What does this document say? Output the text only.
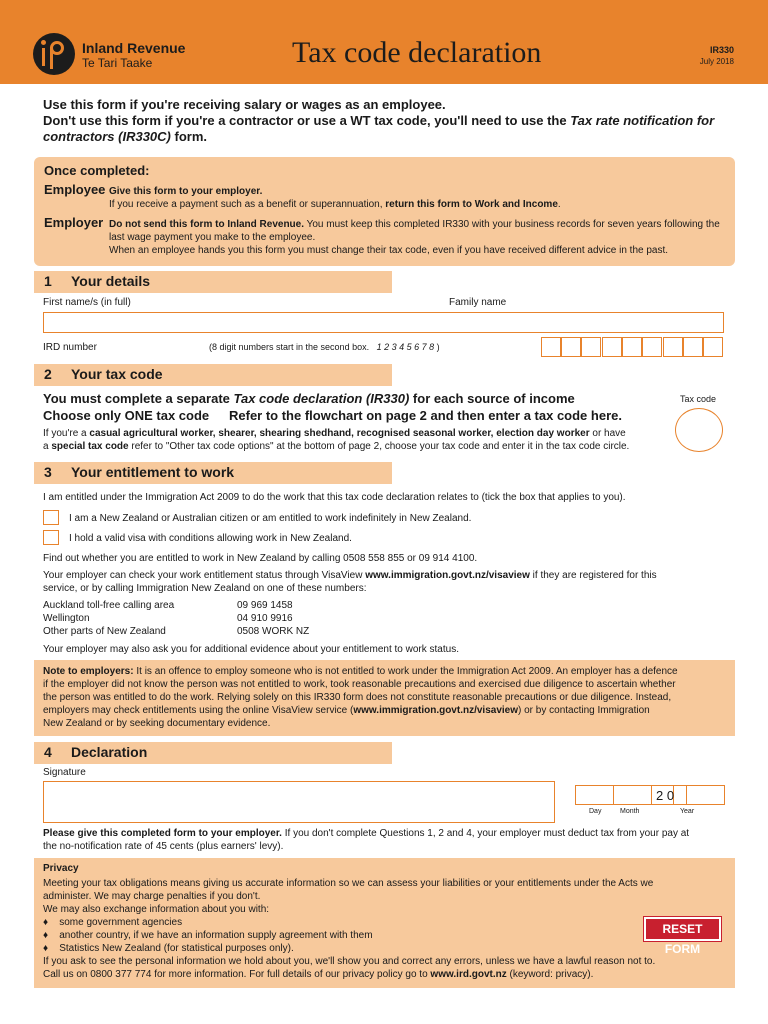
Inland Revenue
Te Tari Taake	Tax code declaration	IR330
July 2018
Use this form if you're receiving salary or wages as an employee.
Don't use this form if you're a contractor or use a WT tax code, you'll need to use the Tax rate notification for contractors (IR330C) form.
Once completed:
Employee Give this form to your employer.
If you receive a payment such as a benefit or superannuation, return this form to Work and Income.
Employer Do not send this form to Inland Revenue. You must keep this completed IR330 with your business records for seven years following the last wage payment you make to the employee.
When an employee hands you this form you must change their tax code, even if you have received different advice in the past.
1 Your details
First name/s (in full)	Family name
IRD number	(8 digit numbers start in the second box. 1 2 3 4 5 6 7 8 )
2 Your tax code
You must complete a separate Tax code declaration (IR330) for each source of income
Choose only ONE tax code Refer to the flowchart on page 2 and then enter a tax code here.
Tax code
If you're a casual agricultural worker, shearer, shearing shedhand, recognised seasonal worker, election day worker or have
a special tax code refer to "Other tax code options" at the bottom of page 2, choose your tax code and enter it in the tax code circle.
3 Your entitlement to work
I am entitled under the Immigration Act 2009 to do the work that this tax code declaration relates to (tick the box that applies to you).
I am a New Zealand or Australian citizen or am entitled to work indefinitely in New Zealand.
I hold a valid visa with conditions allowing work in New Zealand.
Find out whether you are entitled to work in New Zealand by calling 0508 558 855 or 09 914 4100.
Your employer can check your work entitlement status through VisaView www.immigration.govt.nz/visaview if they are registered for this
service, or by calling Immigration New Zealand on one of these numbers:
Auckland toll-free calling area	09 969 1458
Wellington	04 910 9916
Other parts of New Zealand	0508 WORK NZ
Your employer may also ask you for additional evidence about your entitlement to work status.
Note to employers: It is an offence to employ someone who is not entitled to work under the Immigration Act 2009. An employer has a defence
if the employer did not know the person was not entitled to work, took reasonable precautions and exercised due diligence to ascertain whether
the person was entitled to do the work. Relying solely on this IR330 form does not constitute reasonable precautions or due diligence. Instead,
employers may check entitlements using the online VisaView service (www.immigration.govt.nz/visaview) or by contacting Immigration
New Zealand or by seeking documentary evidence.
4 Declaration
Signature
2 0
Day	Month	Year
Please give this completed form to your employer. If you don't complete Questions 1, 2 and 4, your employer must deduct tax from your pay at
the no-notification rate of 45 cents (plus earners' levy).
Privacy
Meeting your tax obligations means giving us accurate information so we can assess your liabilities or your entitlements under the Acts we
administer. We may charge penalties if you don't.
We may also exchange information about you with:
♦    some government agencies
♦    another country, if we have an information supply agreement with them
♦    Statistics New Zealand (for statistical purposes only).
If you ask to see the personal information we hold about you, we'll show you and correct any errors, unless we have a lawful reason not to.
Call us on 0800 377 774 for more information. For full details of our privacy policy go to www.ird.govt.nz (keyword: privacy).
RESET FORM
